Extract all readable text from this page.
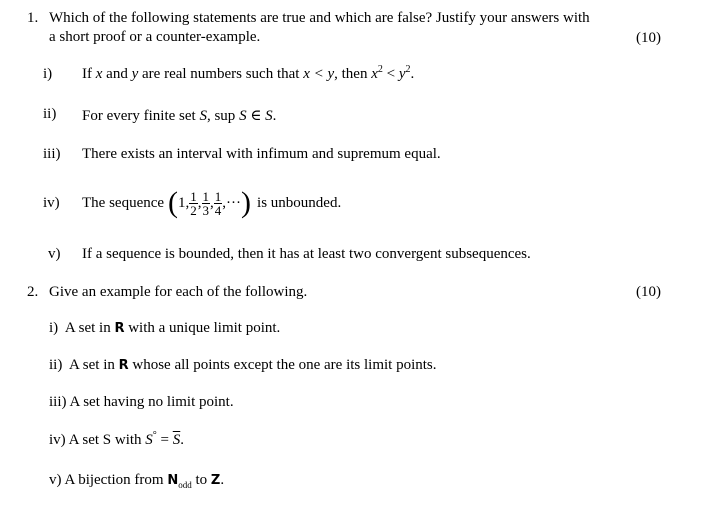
1. Which of the following statements are true and which are false? Justify your answers with
a short proof or a counter-example.	(10)
i) If x and y are real numbers such that x < y, then $x^2 < y^2$.
ii) For every finite set S, sup S ∈ S.
iii) There exists an interval with infimum and supremum equal.
iv) The sequence ( 1, $\frac{1}{2}$ , $\frac{1}{3}$ , $\frac{1}{4}$ ,··· ) is unbounded.
v) If a sequence is bounded, then it has at least two convergent subsequences.
2. Give an example for each of the following.	(10)
i) A set in R with a unique limit point.
ii) A set in R whose all points except the one are its limit points.
iii) A set having no limit point.
iv) A set S with $S^\circ = \overline{S}$.
v) A bijection from $N_{odd}$ to Z.
